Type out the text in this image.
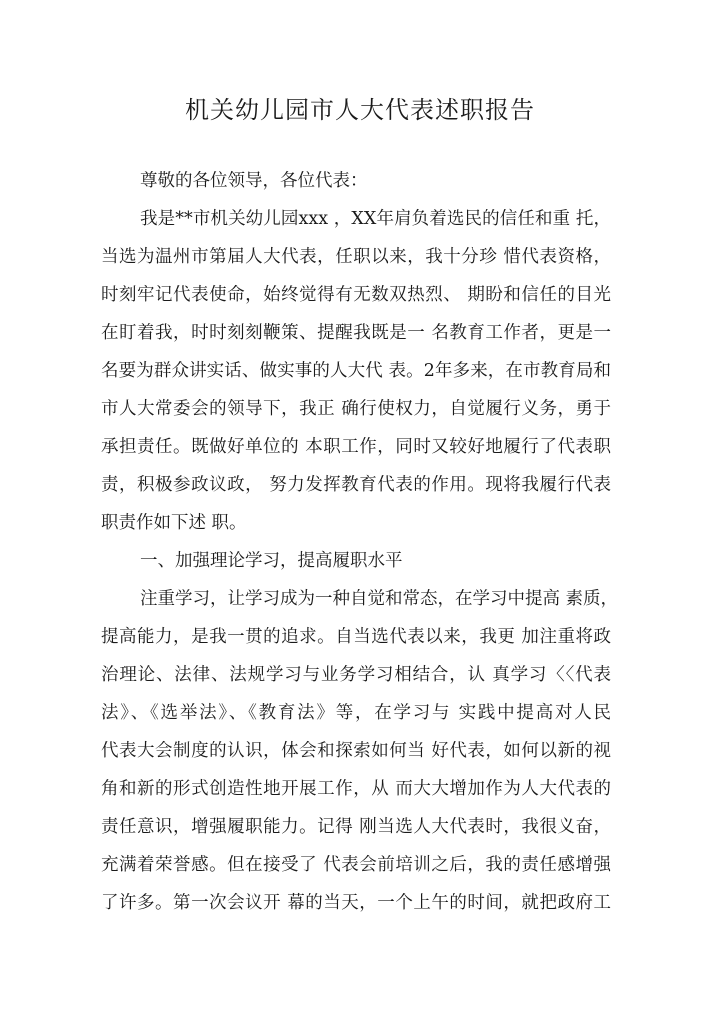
机关幼儿园市人大代表述职报告

尊敬的各位领导，各位代表：

我是**市机关幼儿园xxx ，XX年肩负着选民的信任和重 托，

当选为温州市第届人大代表，任职以来，我十分珍 惜代表资格，

时刻牢记代表使命，始终觉得有无数双热烈、 期盼和信任的目光

在盯着我，时时刻刻鞭策、提醒我既是一 名教育工作者，更是一

名要为群众讲实话、做实事的人大代 表。2年多来，在市教育局和

市人大常委会的领导下，我正 确行使权力，自觉履行义务，勇于

承担责任。既做好单位的 本职工作，同时又较好地履行了代表职

责，积极参政议政， 努力发挥教育代表的作用。现将我履行代表

职责作如下述 职。

一、加强理论学习，提高履职水平

注重学习，让学习成为一种自觉和常态，在学习中提高 素质，

提高能力，是我一贯的追求。自当选代表以来，我更 加注重将政

治理论、法律、法规学习与业务学习相结合，认 真学习〈〈代表

法》、《选举法》、《教育法》等，在学习与 实践中提高对人民

代表大会制度的认识，体会和探索如何当 好代表，如何以新的视

角和新的形式创造性地开展工作，从 而大大增加作为人大代表的

责任意识，增强履职能力。记得 刚当选人大代表时，我很义奋，

充满着荣誉感。但在接受了 代表会前培训之后，我的责任感增强

了许多。第一次会议开 幕的当天，一个上午的时间，就把政府工
